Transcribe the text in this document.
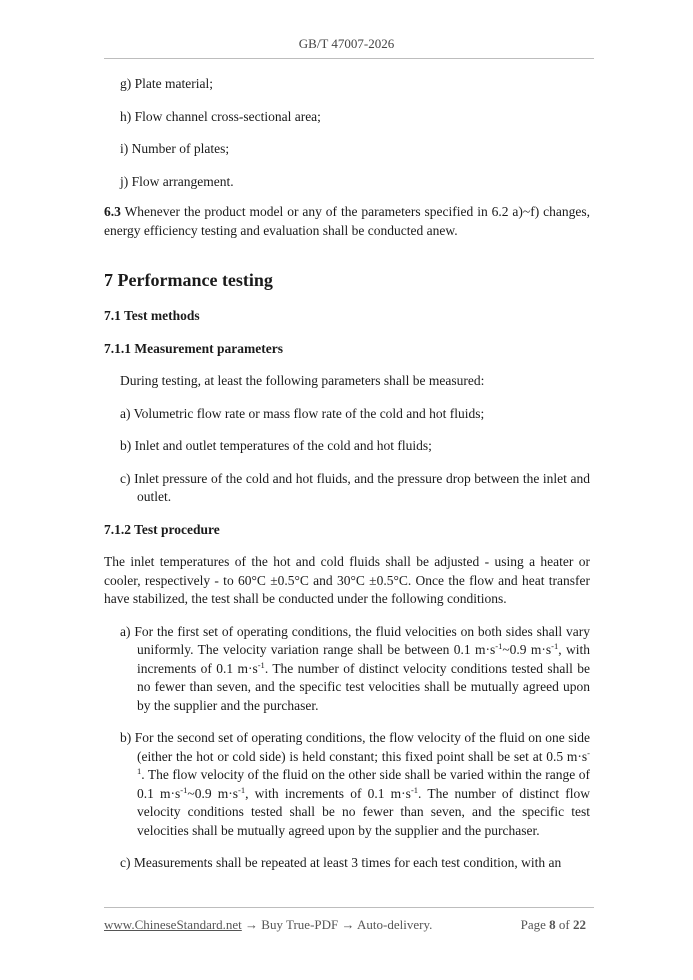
GB/T 47007-2026

g) Plate material;

h) Flow channel cross-sectional area;

i) Number of plates;

j) Flow arrangement.

6.3 Whenever the product model or any of the parameters specified in 6.2 a)~f) changes, energy efficiency testing and evaluation shall be conducted anew.

7 Performance testing

7.1 Test methods

7.1.1 Measurement parameters

During testing, at least the following parameters shall be measured:

a) Volumetric flow rate or mass flow rate of the cold and hot fluids;

b) Inlet and outlet temperatures of the cold and hot fluids;

c) Inlet pressure of the cold and hot fluids, and the pressure drop between the inlet and outlet.

7.1.2 Test procedure

The inlet temperatures of the hot and cold fluids shall be adjusted - using a heater or cooler, respectively - to 60°C ±0.5°C and 30°C ±0.5°C. Once the flow and heat transfer have stabilized, the test shall be conducted under the following conditions.

a) For the first set of operating conditions, the fluid velocities on both sides shall vary uniformly. The velocity variation range shall be between 0.1 $m\cdot s^{-1}\sim 0.9$ $m\cdot s^{-1}$, with increments of 0.1 $m\cdot s^{-1}$. The number of distinct velocity conditions tested shall be no fewer than seven, and the specific test velocities shall be mutually agreed upon by the supplier and the purchaser.

b) For the second set of operating conditions, the flow velocity of the fluid on one side (either the hot or cold side) is held constant; this fixed point shall be set at 0.5 $m\cdot s^{-1}$. The flow velocity of the fluid on the other side shall be varied within the range of 0.1 $m\cdot s^{-1}\sim 0.9$ $m\cdot s^{-1}$, with increments of 0.1 $m\cdot s^{-1}$. The number of distinct flow velocity conditions tested shall be no fewer than seven, and the specific test velocities shall be mutually agreed upon by the supplier and the purchaser.

c) Measurements shall be repeated at least 3 times for each test condition, with an

www.ChineseStandard.net → Buy True-PDF → Auto-delivery.	Page 8 of 22
